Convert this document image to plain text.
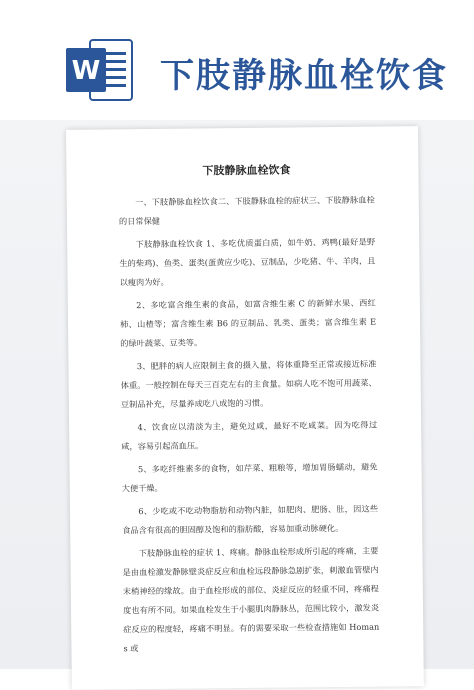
W 下肢静脉血栓饮食
下肢静脉血栓饮食

一、下肢静脉血栓饮食二、下肢静脉血栓的症状三、下肢静脉血栓的日常保健

下肢静脉血栓饮食 1、多吃优质蛋白质，如牛奶、鸡鸭(最好是野生的柴鸡)、鱼类、蛋类(蛋黄应少吃)、豆制品，少吃猪、牛、羊肉，且以瘦肉为好。

2、多吃富含维生素的食品，如富含维生素 C 的新鲜水果、西红柿、山楂等；富含维生素 B6 的豆制品、乳类、蛋类；富含维生素 E 的绿叶蔬菜、豆类等。

3、肥胖的病人应限制主食的摄入量，将体重降至正常或接近标准体重。一般控制在每天三百克左右的主食量。如病人吃不饱可用蔬菜、豆制品补充，尽量养成吃八成饱的习惯。

4、饮食应以清淡为主，避免过咸，最好不吃咸菜。因为吃得过咸，容易引起高血压。

5、多吃纤维素多的食物，如芹菜、粗粮等，增加胃肠蠕动，避免大便干燥。

6、少吃或不吃动物脂肪和动物内脏，如肥肉、肥肠、肚，因这些食品含有很高的胆固醇及饱和的脂肪酸，容易加重动脉硬化。

下肢静脉血栓的症状 1、疼痛。静脉血栓形成所引起的疼痛，主要是由血栓激发静脉壁炎症反应和血栓远段静脉急剧扩张，刺激血管壁内末梢神经的缘故。由于血栓形成的部位、炎症反应的轻重不同，疼痛程度也有所不同。如果血栓发生于小腿肌肉静脉丛，范围比较小，激发炎症反应的程度轻，疼痛不明显。有的需要采取一些检查措施如 Homans 或
